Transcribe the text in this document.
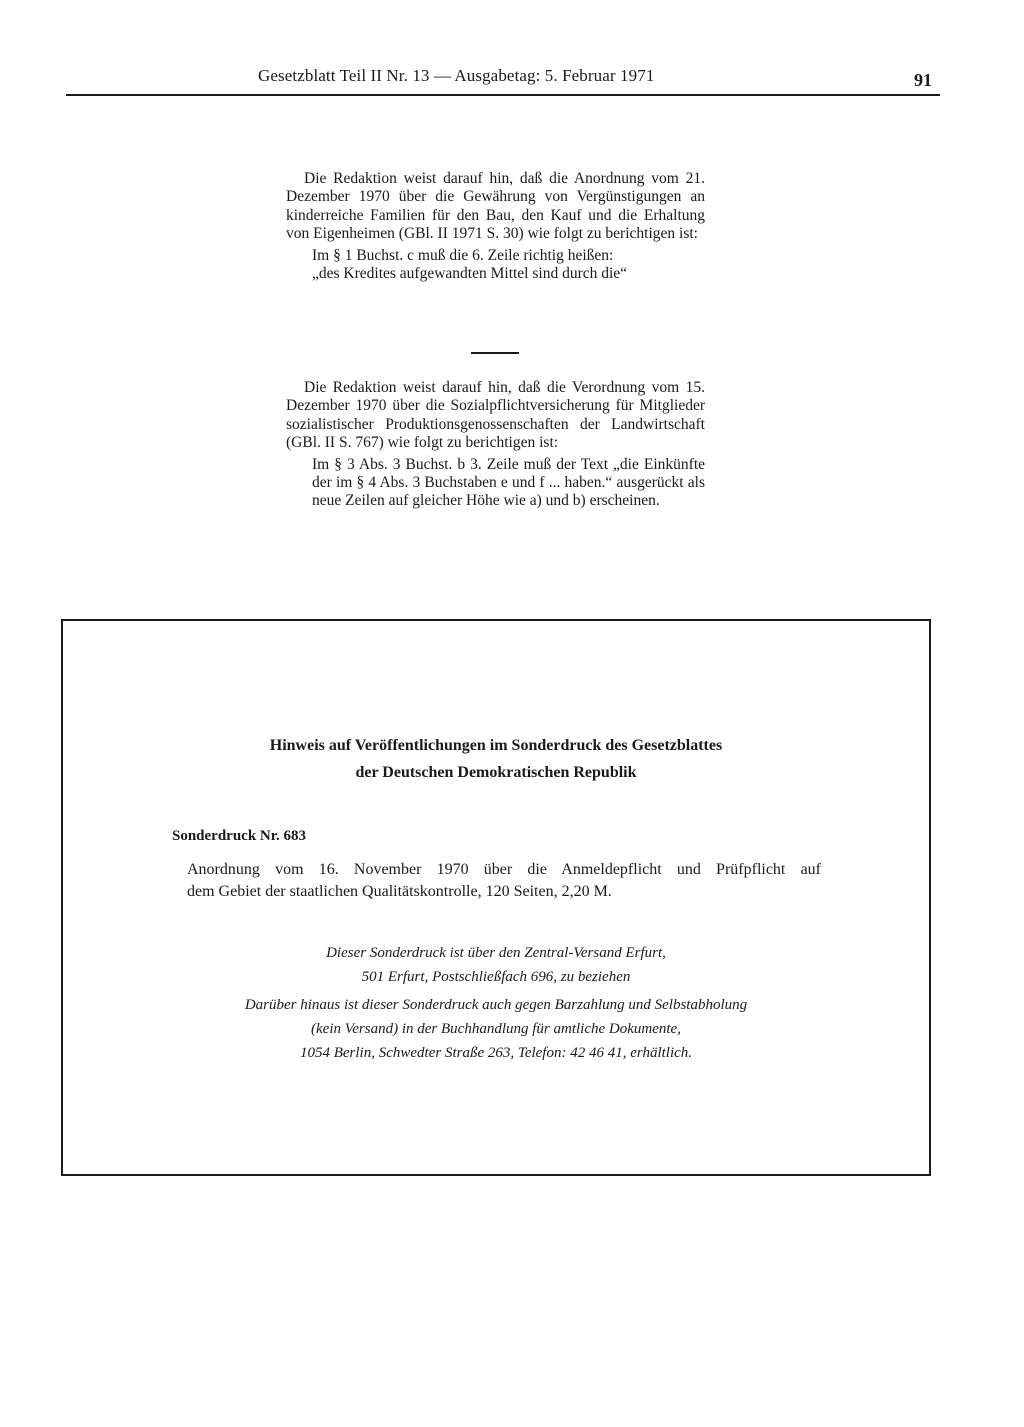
Gesetzblatt Teil II Nr. 13 — Ausgabetag: 5. Februar 1971	91

Die Redaktion weist darauf hin, daß die Anordnung vom 21. Dezember 1970 über die Gewährung von Vergünstigungen an kinderreiche Familien für den Bau, den Kauf und die Erhaltung von Eigenheimen (GBl. II 1971 S. 30) wie folgt zu berichtigen ist:

Im § 1 Buchst. c muß die 6. Zeile richtig heißen:

„des Kredites aufgewandten Mittel sind durch die“

Die Redaktion weist darauf hin, daß die Verordnung vom 15. Dezember 1970 über die Sozialpflichtversicherung für Mitglieder sozialistischer Produktionsgenossenschaften der Landwirtschaft (GBl. II S. 767) wie folgt zu berichtigen ist:

Im § 3 Abs. 3 Buchst. b 3. Zeile muß der Text „die Einkünfte der im § 4 Abs. 3 Buchstaben e und f ... haben.“ ausgerückt als neue Zeilen auf gleicher Höhe wie a) und b) erscheinen.

Hinweis auf Veröffentlichungen im Sonderdruck des Gesetzblattes
der Deutschen Demokratischen Republik
Sonderdruck Nr. 683
Anordnung vom 16. November 1970 über die Anmeldepflicht und Prüfpflicht auf
dem Gebiet der staatlichen Qualitätskontrolle, 120 Seiten, 2,20 M.
Dieser Sonderdruck ist über den Zentral-Versand Erfurt,
501 Erfurt, Postschließfach 696, zu beziehen
Darüber hinaus ist dieser Sonderdruck auch gegen Barzahlung und Selbstabholung
(kein Versand) in der Buchhandlung für amtliche Dokumente,
1054 Berlin, Schwedter Straße 263, Telefon: 42 46 41, erhältlich.
